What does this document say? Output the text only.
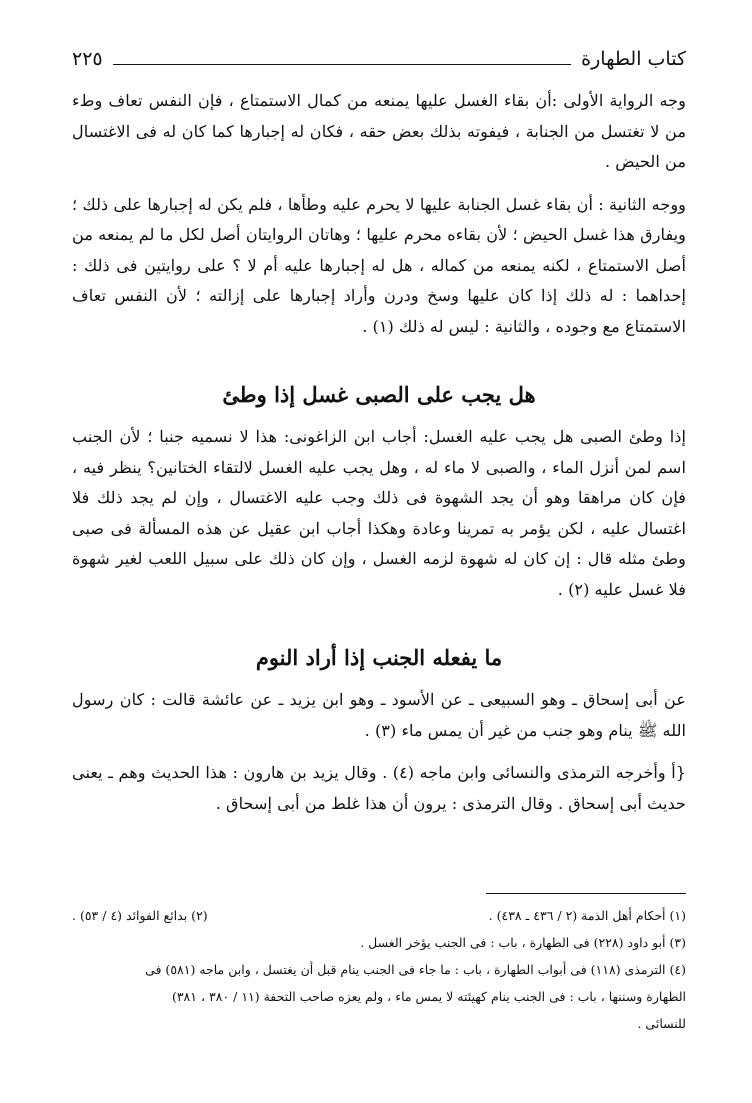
كتاب الطهارة
٢٢٥

وجه الرواية الأولى :أن بقاء الغسل عليها يمنعه من كمال الاستمتاع ، فإن النفس تعاف وطء من لا تغتسل من الجنابة ، فيفوته بذلك بعض حقه ، فكان له إجبارها كما كان له فى الاغتسال من الحيض .

ووجه الثانية : أن بقاء غسل الجنابة عليها لا يحرم عليه وطأها ، فلم يكن له إجبارها على ذلك ؛ ويفارق هذا غسل الحيض ؛ لأن بقاءه محرم عليها ؛ وهاتان الروايتان أصل لكل ما لم يمنعه من أصل الاستمتاع ، لكنه يمنعه من كماله ، هل له إجبارها عليه أم لا ؟ على روايتين فى ذلك : إحداهما : له ذلك إذا كان عليها وسخ ودرن وأراد إجبارها على إزالته ؛ لأن النفس تعاف الاستمتاع مع وجوده ، والثانية : ليس له ذلك (١) .

هل يجب على الصبى غسل إذا وطئ

إذا وطئ الصبى هل يجب عليه الغسل: أجاب ابن الزاغونى: هذا لا نسميه جنبا ؛ لأن الجنب اسم لمن أنزل الماء ، والصبى لا ماء له ، وهل يجب عليه الغسل لالتقاء الختانين؟ ينظر فيه ، فإن كان مراهقا وهو أن يجد الشهوة فى ذلك وجب عليه الاغتسال ، وإن لم يجد ذلك فلا اغتسال عليه ، لكن يؤمر به تمرينا وعادة وهكذا أجاب ابن عقيل عن هذه المسألة فى صبى وطئ مثله قال : إن كان له شهوة لزمه الغسل ، وإن كان ذلك على سبيل اللعب لغير شهوة فلا غسل عليه (٢) .

ما يفعله الجنب إذا أراد النوم

عن أبى إسحاق ـ وهو السبيعى ـ عن الأسود ـ وهو ابن يزيد ـ عن عائشة قالت : كان رسول الله ﷺ ينام وهو جنب من غير أن يمس ماء (٣) .

{أ وأخرجه الترمذى والنسائى وابن ماجه (٤) . وقال يزيد بن هارون : هذا الحديث وهم ـ يعنى حديث أبى إسحاق . وقال الترمذى : يرون أن هذا غلط من أبى إسحاق .

(١) أحكام أهل الذمة (٢ / ٤٣٦ ـ ٤٣٨) .
(٢) بدائع الفوائد (٤ / ٥٣) .
(٣) أبو داود (٢٢٨) فى الطهارة ، باب : فى الجنب يؤخر الغسل .
(٤) الترمذى (١١٨) فى أبواب الطهارة ، باب : ما جاء فى الجنب ينام قبل أن يغتسل ، وابن ماجه (٥٨١) فى
الطهارة وسننها ، باب : فى الجنب ينام كهيئته لا يمس ماء ، ولم يعزه صاحب التحفة (١١ / ٣٨٠ ، ٣٨١)
للنسائى .
